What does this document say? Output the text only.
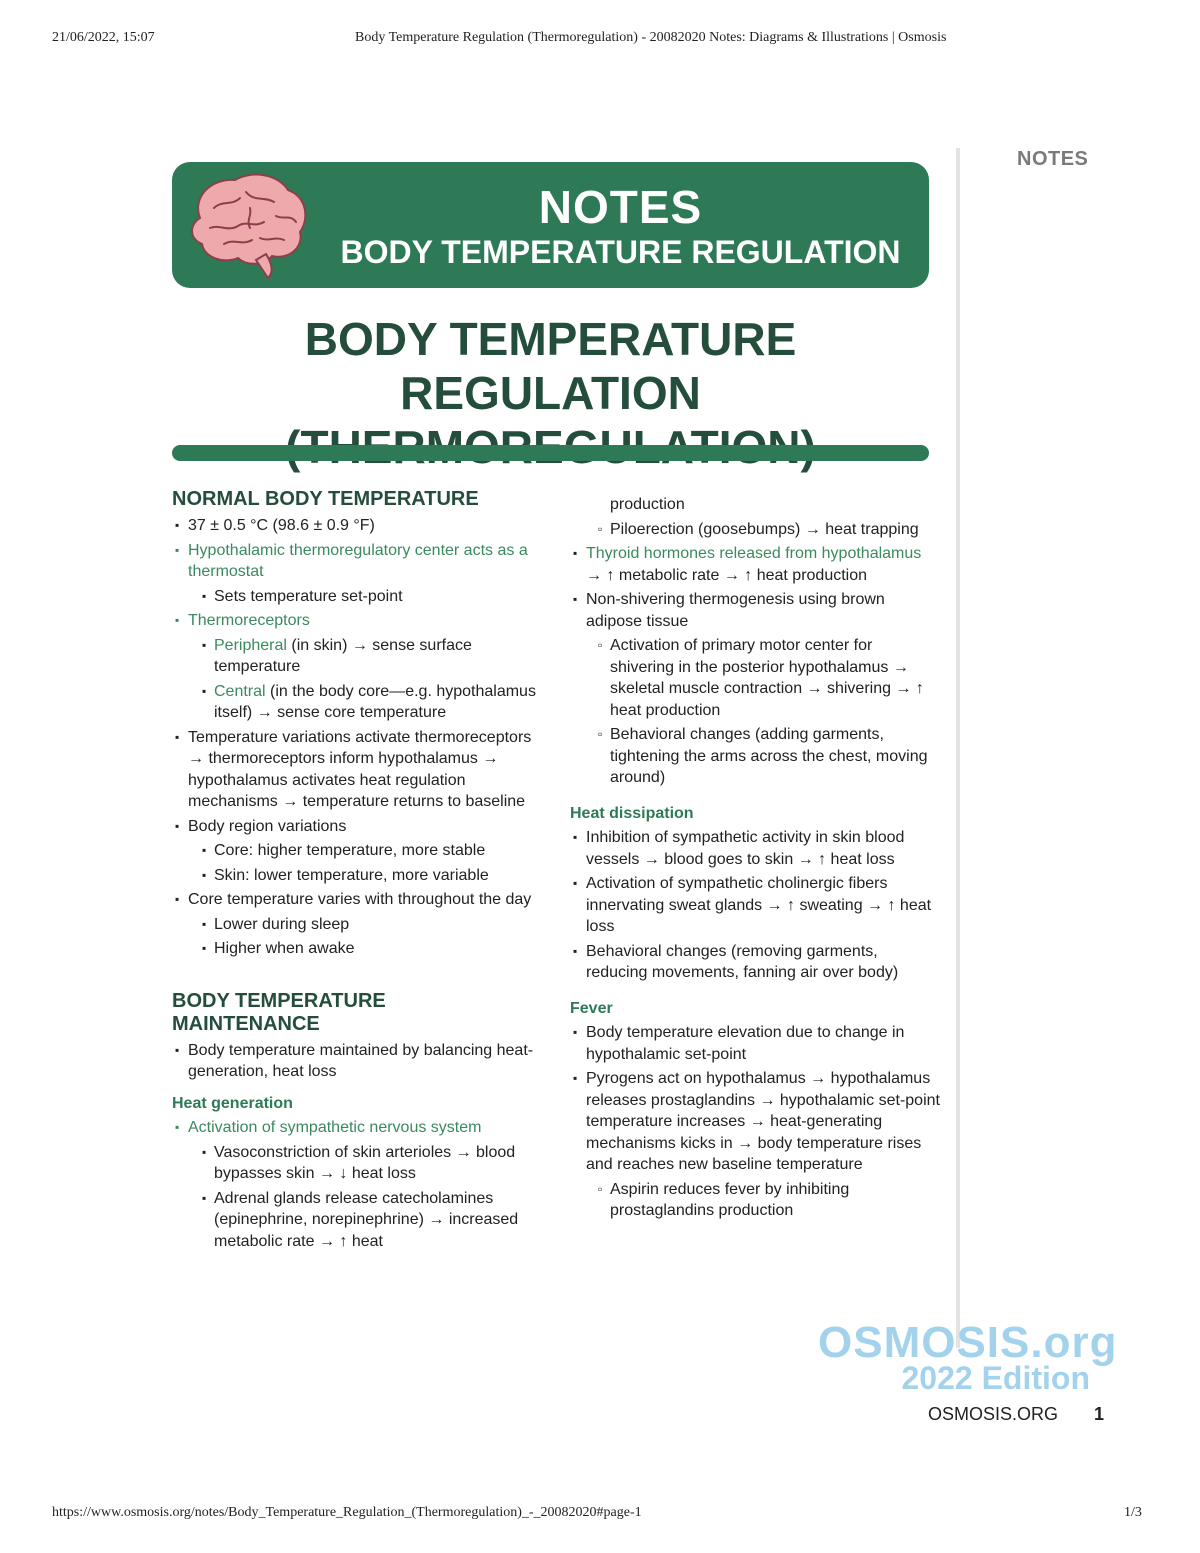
21/06/2022, 15:07	Body Temperature Regulation (Thermoregulation) - 20082020 Notes: Diagrams & Illustrations | Osmosis
NOTES
NOTES
BODY TEMPERATURE REGULATION
BODY TEMPERATURE REGULATION
NORMAL BODY TEMPERATURE
▪ 37 ± 0.5 °C (98.6 ± 0.9 °F)
▪ Hypothalamic thermoregulatory center acts as a thermostat
▪ Sets temperature set-point
▪ Thermoreceptors
▪ Peripheral (in skin) → sense surface temperature
▪ Central (in the body core—e.g. hypothalamus itself) → sense core temperature
▪ Temperature variations activate thermoreceptors → thermoreceptors inform hypothalamus → hypothalamus activates heat regulation mechanisms → temperature returns to baseline
▪ Body region variations
▪ Core: higher temperature, more stable
▪ Skin: lower temperature, more variable
▪ Core temperature varies with throughout the day
▪ Lower during sleep
▪ Higher when awake
BODY TEMPERATURE
MAINTENANCE
▪ Body temperature maintained by balancing heat-generation, heat loss
Heat generation
▪ Activation of sympathetic nervous system
▪ Vasoconstriction of skin arterioles → blood bypasses skin → ↓ heat loss
▪ Adrenal glands release catecholamines (epinephrine, norepinephrine) → increased metabolic rate → ↑ heat
production
▫ Piloerection (goosebumps) → heat trapping
▪ Thyroid hormones released from hypothalamus → ↑ metabolic rate → ↑ heat production
▪ Non-shivering thermogenesis using brown adipose tissue
▫ Activation of primary motor center for shivering in the posterior hypothalamus → skeletal muscle contraction → shivering → ↑ heat production
▫ Behavioral changes (adding garments, tightening the arms across the chest, moving around)
Heat dissipation
▪ Inhibition of sympathetic activity in skin blood vessels → blood goes to skin → ↑ heat loss
▪ Activation of sympathetic cholinergic fibers innervating sweat glands → ↑ sweating → ↑ heat loss
▪ Behavioral changes (removing garments, reducing movements, fanning air over body)
Fever
▪ Body temperature elevation due to change in hypothalamic set-point
▪ Pyrogens act on hypothalamus → hypothalamus releases prostaglandins → hypothalamic set-point temperature increases → heat-generating mechanisms kicks in → body temperature rises and reaches new baseline temperature
▫ Aspirin reduces fever by inhibiting prostaglandins production
OSMOSIS.org
2022 Edition
OSMOSIS.ORG 1
https://www.osmosis.org/notes/Body_Temperature_Regulation_(Thermoregulation)_-_20082020#page-1	1/3
